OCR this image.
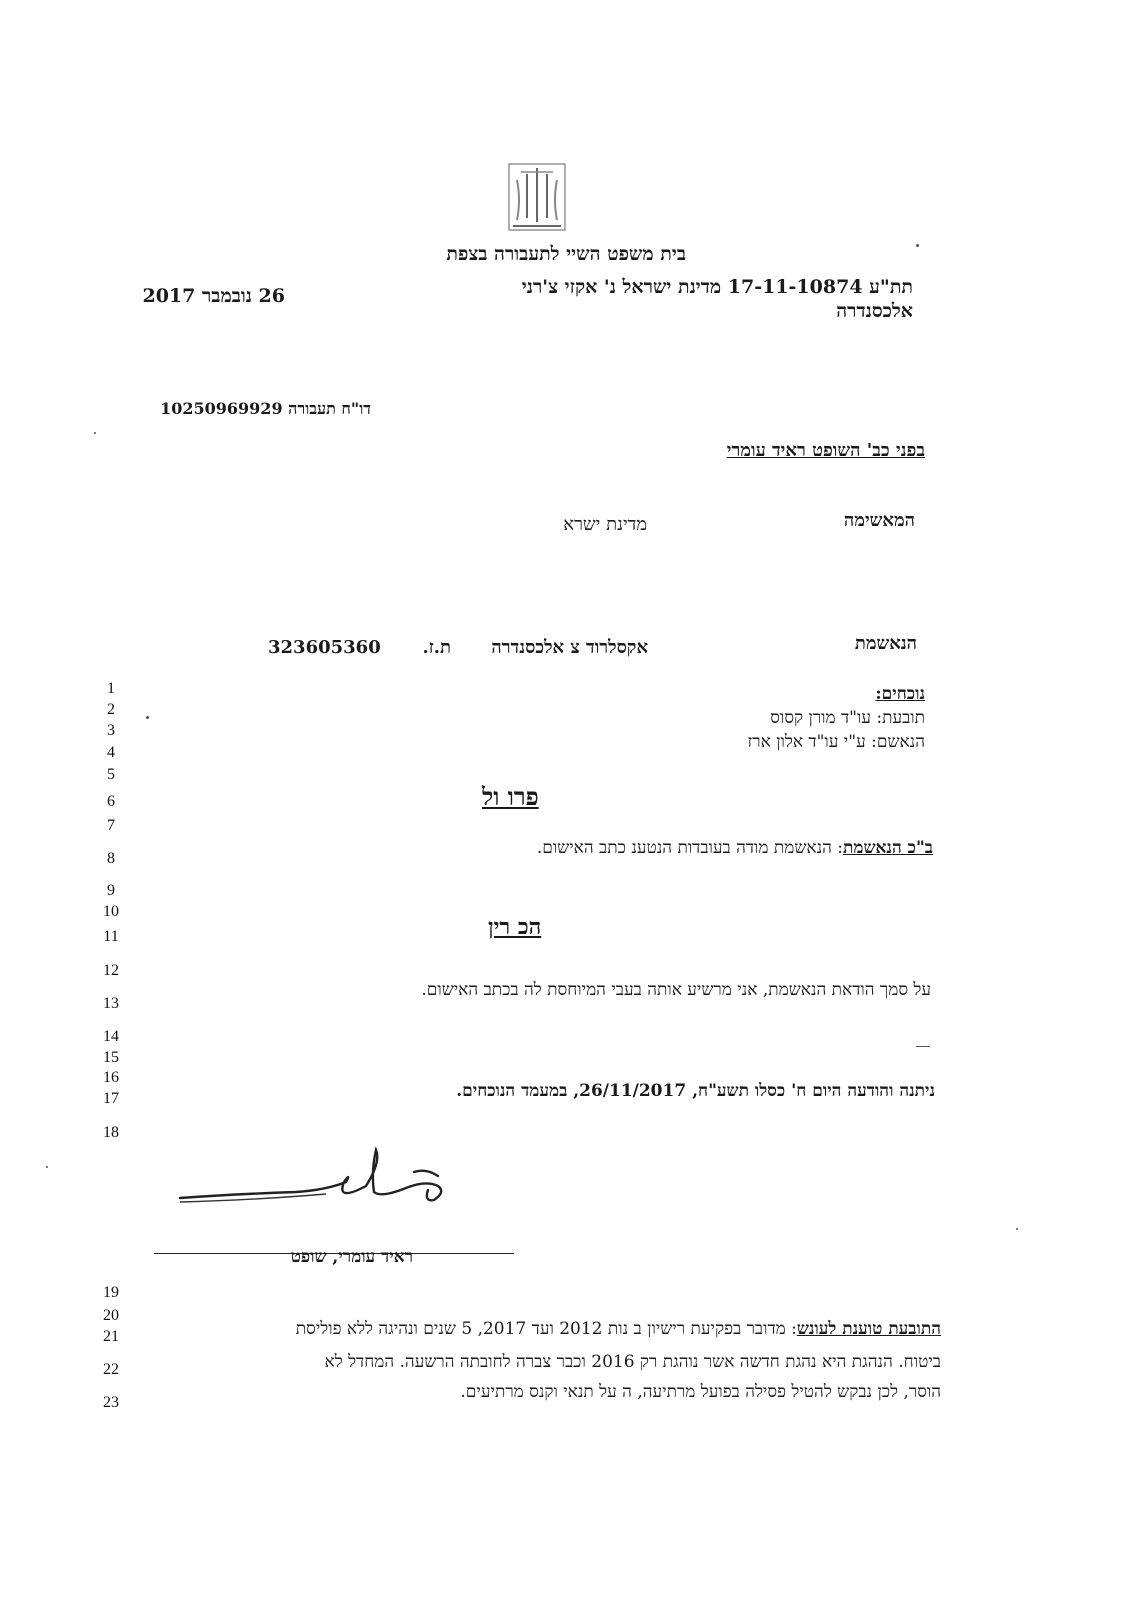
בית משפט השיי לתעבורה בצפת
תת"ע 17-11-10874 מדינת ישראל נ' אקזי צ'רני
אלכסנדרה
26 נובמבר 2017
דו"ח תעבורה 10250969929
בפני כב' השופט ראיד עומרי
המאשימה
מדינת ישרא
הנאשמת
אקסלרוד צ אלכסנדרה
ת.ז.
323605360
נוכחים:
תובעת: עו"ד מורן קסוס
הנאשם: ע"י עו"ד אלון ארז
פרו ול
ב"כ הנאשמת: הנאשמת מודה בעובדות הנטענ כתב האישום.
הכ רין
על סמך הודאת הנאשמת, אני מרשיע אותה בעבי המיוחסת לה בכתב האישום.
ניתנה והודעה היום ח' כסלו תשע"ח, 26/11/2017, במעמד הנוכחים.
ראיד עומרי, שופט
התובעת טוענת לעונש: מדובר בפקיעת רישיון ב נות 2012 ועד 2017, 5 שנים ונהיגה ללא פוליסת
ביטוח. הנהגת היא נהגת חדשה אשר נוהגת רק 2016 וכבר צברה לחובתה הרשעה. המחדל לא
הוסר, לכן נבקש להטיל פסילה בפועל מרתיעה, ה על תנאי וקנס מרתיעים.
1
2
3
4
5
6
7
8
9
10
11
12
13
14
15
16
17
18
19
20
21
22
23
